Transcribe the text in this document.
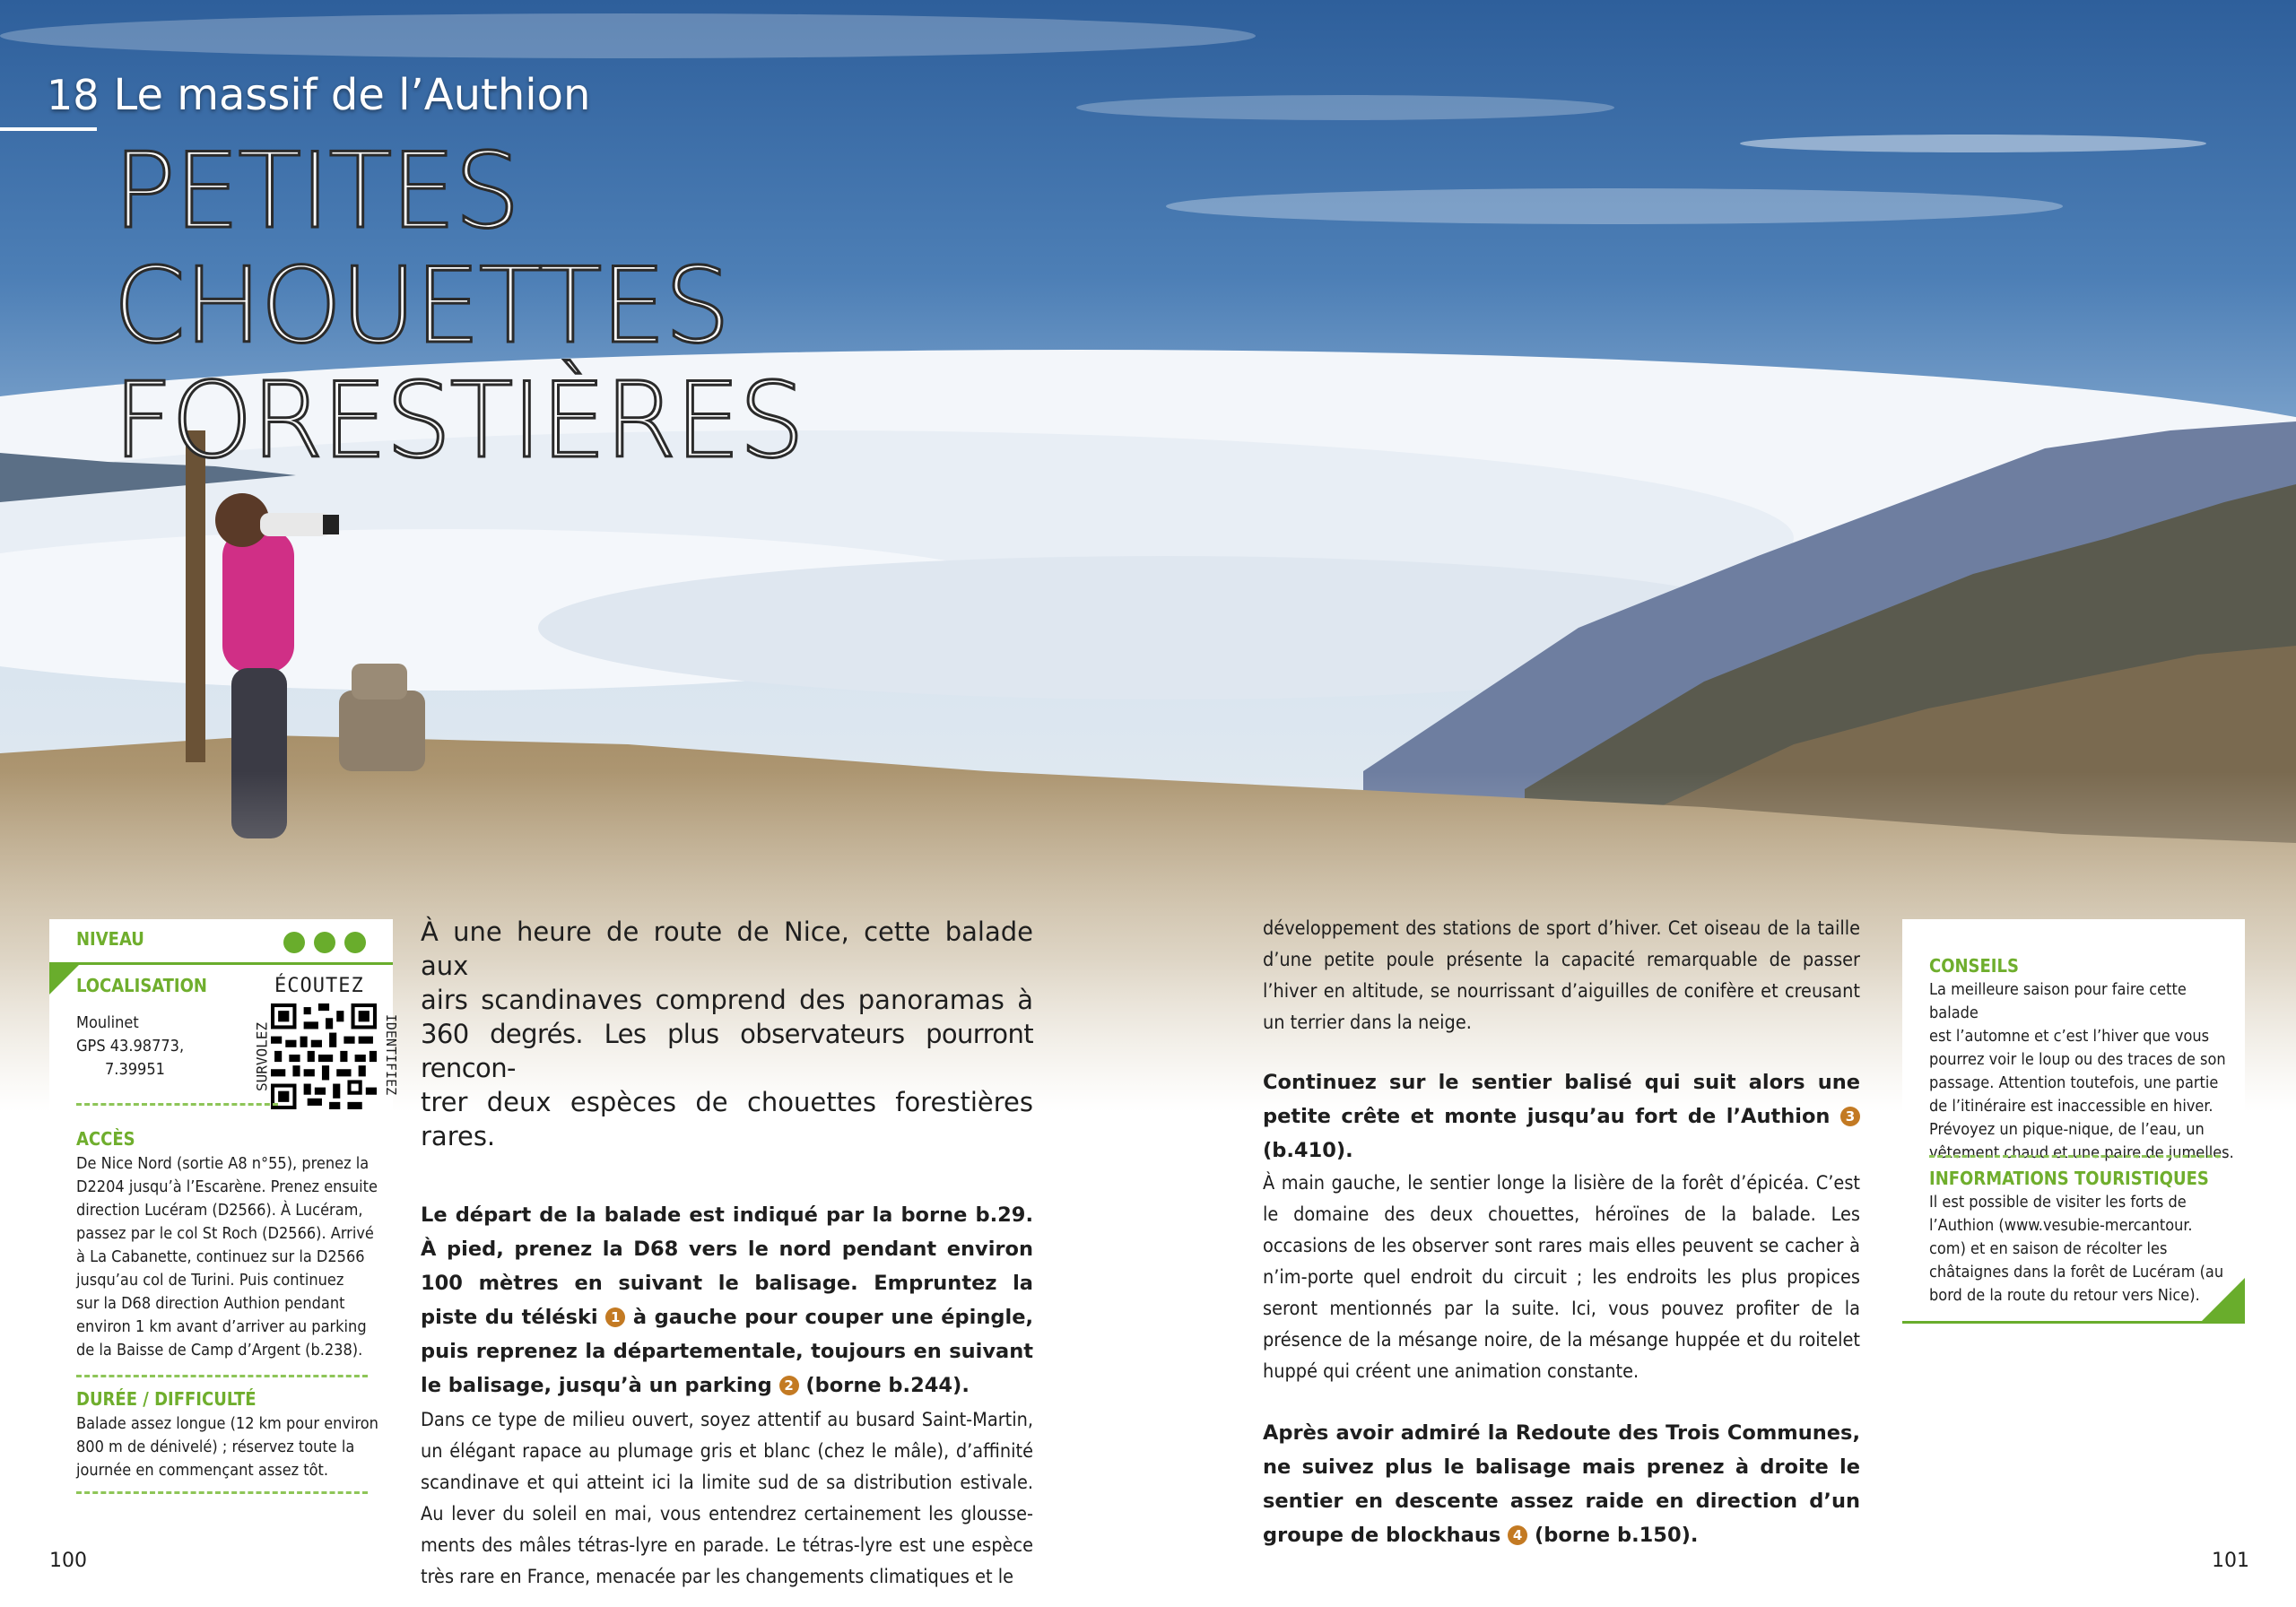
18 Le massif de l’Authion
PETITES CHOUETTES
FORESTIÈRES
NIVEAU
LOCALISATION
Moulinet
GPS 43.98773,
7.39951
ÉCOUTEZ
SURVOLEZ	IDENTIFIEZ
ACCÈS
De Nice Nord (sortie A8 n°55), prenez la
D2204 jusqu’à l’Escarène. Prenez ensuite
direction Lucéram (D2566). À Lucéram,
passez par le col St Roch (D2566). Arrivé
à La Cabanette, continuez sur la D2566
jusqu’au col de Turini. Puis continuez
sur la D68 direction Authion pendant
environ 1 km avant d’arriver au parking
de la Baisse de Camp d’Argent (b.238).
DURÉE / DIFFICULTÉ
Balade assez longue (12 km pour environ
800 m de dénivelé) ; réservez toute la
journée en commençant assez tôt.
À une heure de route de Nice, cette balade aux
airs scandinaves comprend des panoramas à
360 degrés. Les plus observateurs pourront rencon-
trer deux espèces de chouettes forestières rares.

Le départ de la balade est indiqué par la borne b.29. À pied, prenez la D68 vers le nord pendant environ 100 mètres en suivant le balisage. Empruntez la piste du téléski 1 à gauche pour couper une épingle, puis reprenez la départementale, toujours en suivant le balisage, jusqu’à un parking 2 (borne b.244).

Dans ce type de milieu ouvert, soyez attentif au busard Saint-Martin, un élégant rapace au plumage gris et blanc (chez le mâle), d’affinité scandinave et qui atteint ici la limite sud de sa distribution estivale. Au lever du soleil en mai, vous entendrez certainement les glousse-ments des mâles tétras-lyre en parade. Le tétras-lyre est une espèce très rare en France, menacée par les changements climatiques et le

développement des stations de sport d’hiver. Cet oiseau de la taille d’une petite poule présente la capacité remarquable de passer l’hiver en altitude, se nourrissant d’aiguilles de conifère et creusant un terrier dans la neige.

Continuez sur le sentier balisé qui suit alors une petite crête et monte jusqu’au fort de l’Authion 3 (b.410).

À main gauche, le sentier longe la lisière de la forêt d’épicéa. C’est le domaine des deux chouettes, héroïnes de la balade. Les occasions de les observer sont rares mais elles peuvent se cacher à n’im-porte quel endroit du circuit ; les endroits les plus propices seront mentionnés par la suite. Ici, vous pouvez profiter de la présence de la mésange noire, de la mésange huppée et du roitelet huppé qui créent une animation constante.

Après avoir admiré la Redoute des Trois Communes, ne suivez plus le balisage mais prenez à droite le sentier en descente assez raide en direction d’un groupe de blockhaus 4 (borne b.150).

CONSEILS
La meilleure saison pour faire cette balade
est l’automne et c’est l’hiver que vous
pourrez voir le loup ou des traces de son
passage. Attention toutefois, une partie
de l’itinéraire est inaccessible en hiver.
Prévoyez un pique-nique, de l’eau, un
vêtement chaud et une paire de jumelles.
INFORMATIONS TOURISTIQUES
Il est possible de visiter les forts de
l’Authion (www.vesubie-mercantour.
com) et en saison de récolter les
châtaignes dans la forêt de Lucéram (au
bord de la route du retour vers Nice).
100	101
